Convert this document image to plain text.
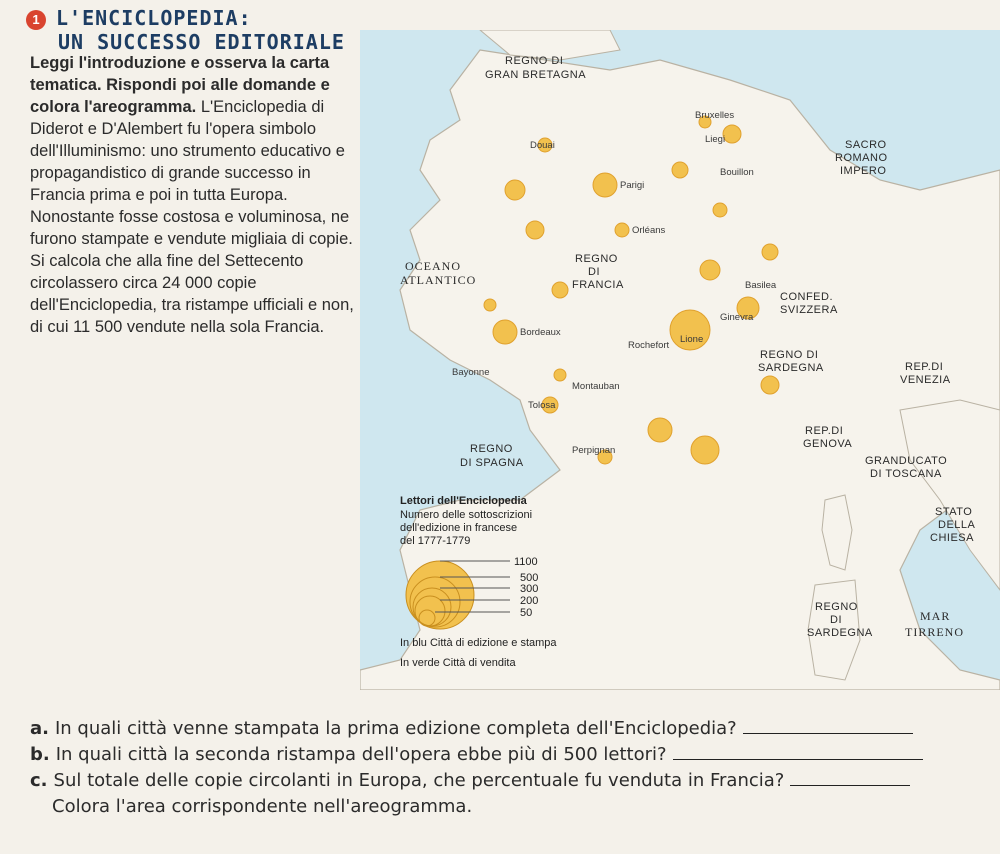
1 L'ENCICLOPEDIA:
UN SUCCESSO EDITORIALE
Leggi l'introduzione e osserva la carta tematica. Rispondi poi alle domande e colora l'areogramma. L'Enciclopedia di Diderot e D'Alembert fu l'opera simbolo dell'Illuminismo: uno strumento educativo e propagandistico di grande successo in Francia prima e poi in tutta Europa. Nonostante fosse costosa e voluminosa, ne furono stampate e vendute migliaia di copie. Si calcola che alla fine del Settecento circolassero circa 24 000 copie dell'Enciclopedia, tra ristampe ufficiali e non, di cui 11 500 vendute nella sola Francia.
REGNO DI
GRAN BRETAGNA
SACRO
ROMANO
IMPERO
REGNO
DI
FRANCIA
CONFED.
SVIZZERA
REGNO DI
SARDEGNA	REP.DI
VENEZIA
REP.DI
GENOVA
GRANDUCATO
DI TOSCANA
REGNO
DI SPAGNA
STATO
DELLA
CHIESA
REGNO
DI
SARDEGNA
OCEANO
ATLANTICO
MAR
TIRRENO
Bruxelles
Liegi
Douai
Bouillon
Parigi
Orléans
Basilea
Ginevra
Lione
Bordeaux
Rochefort
Montauban
Bayonne
Tolosa
Perpignan
Lettori dell'Enciclopedia
Numero delle sottoscrizioni
dell'edizione in francese
del 1777-1779
1100
500
300
200
50
In blu Città di edizione e stampa
In verde Città di vendita
a. In quali città venne stampata la prima edizione completa dell'Enciclopedia?
b. In quali città la seconda ristampa dell'opera ebbe più di 500 lettori?
c. Sul totale delle copie circolanti in Europa, che percentuale fu venduta in Francia?
Colora l'area corrispondente nell'areogramma.
